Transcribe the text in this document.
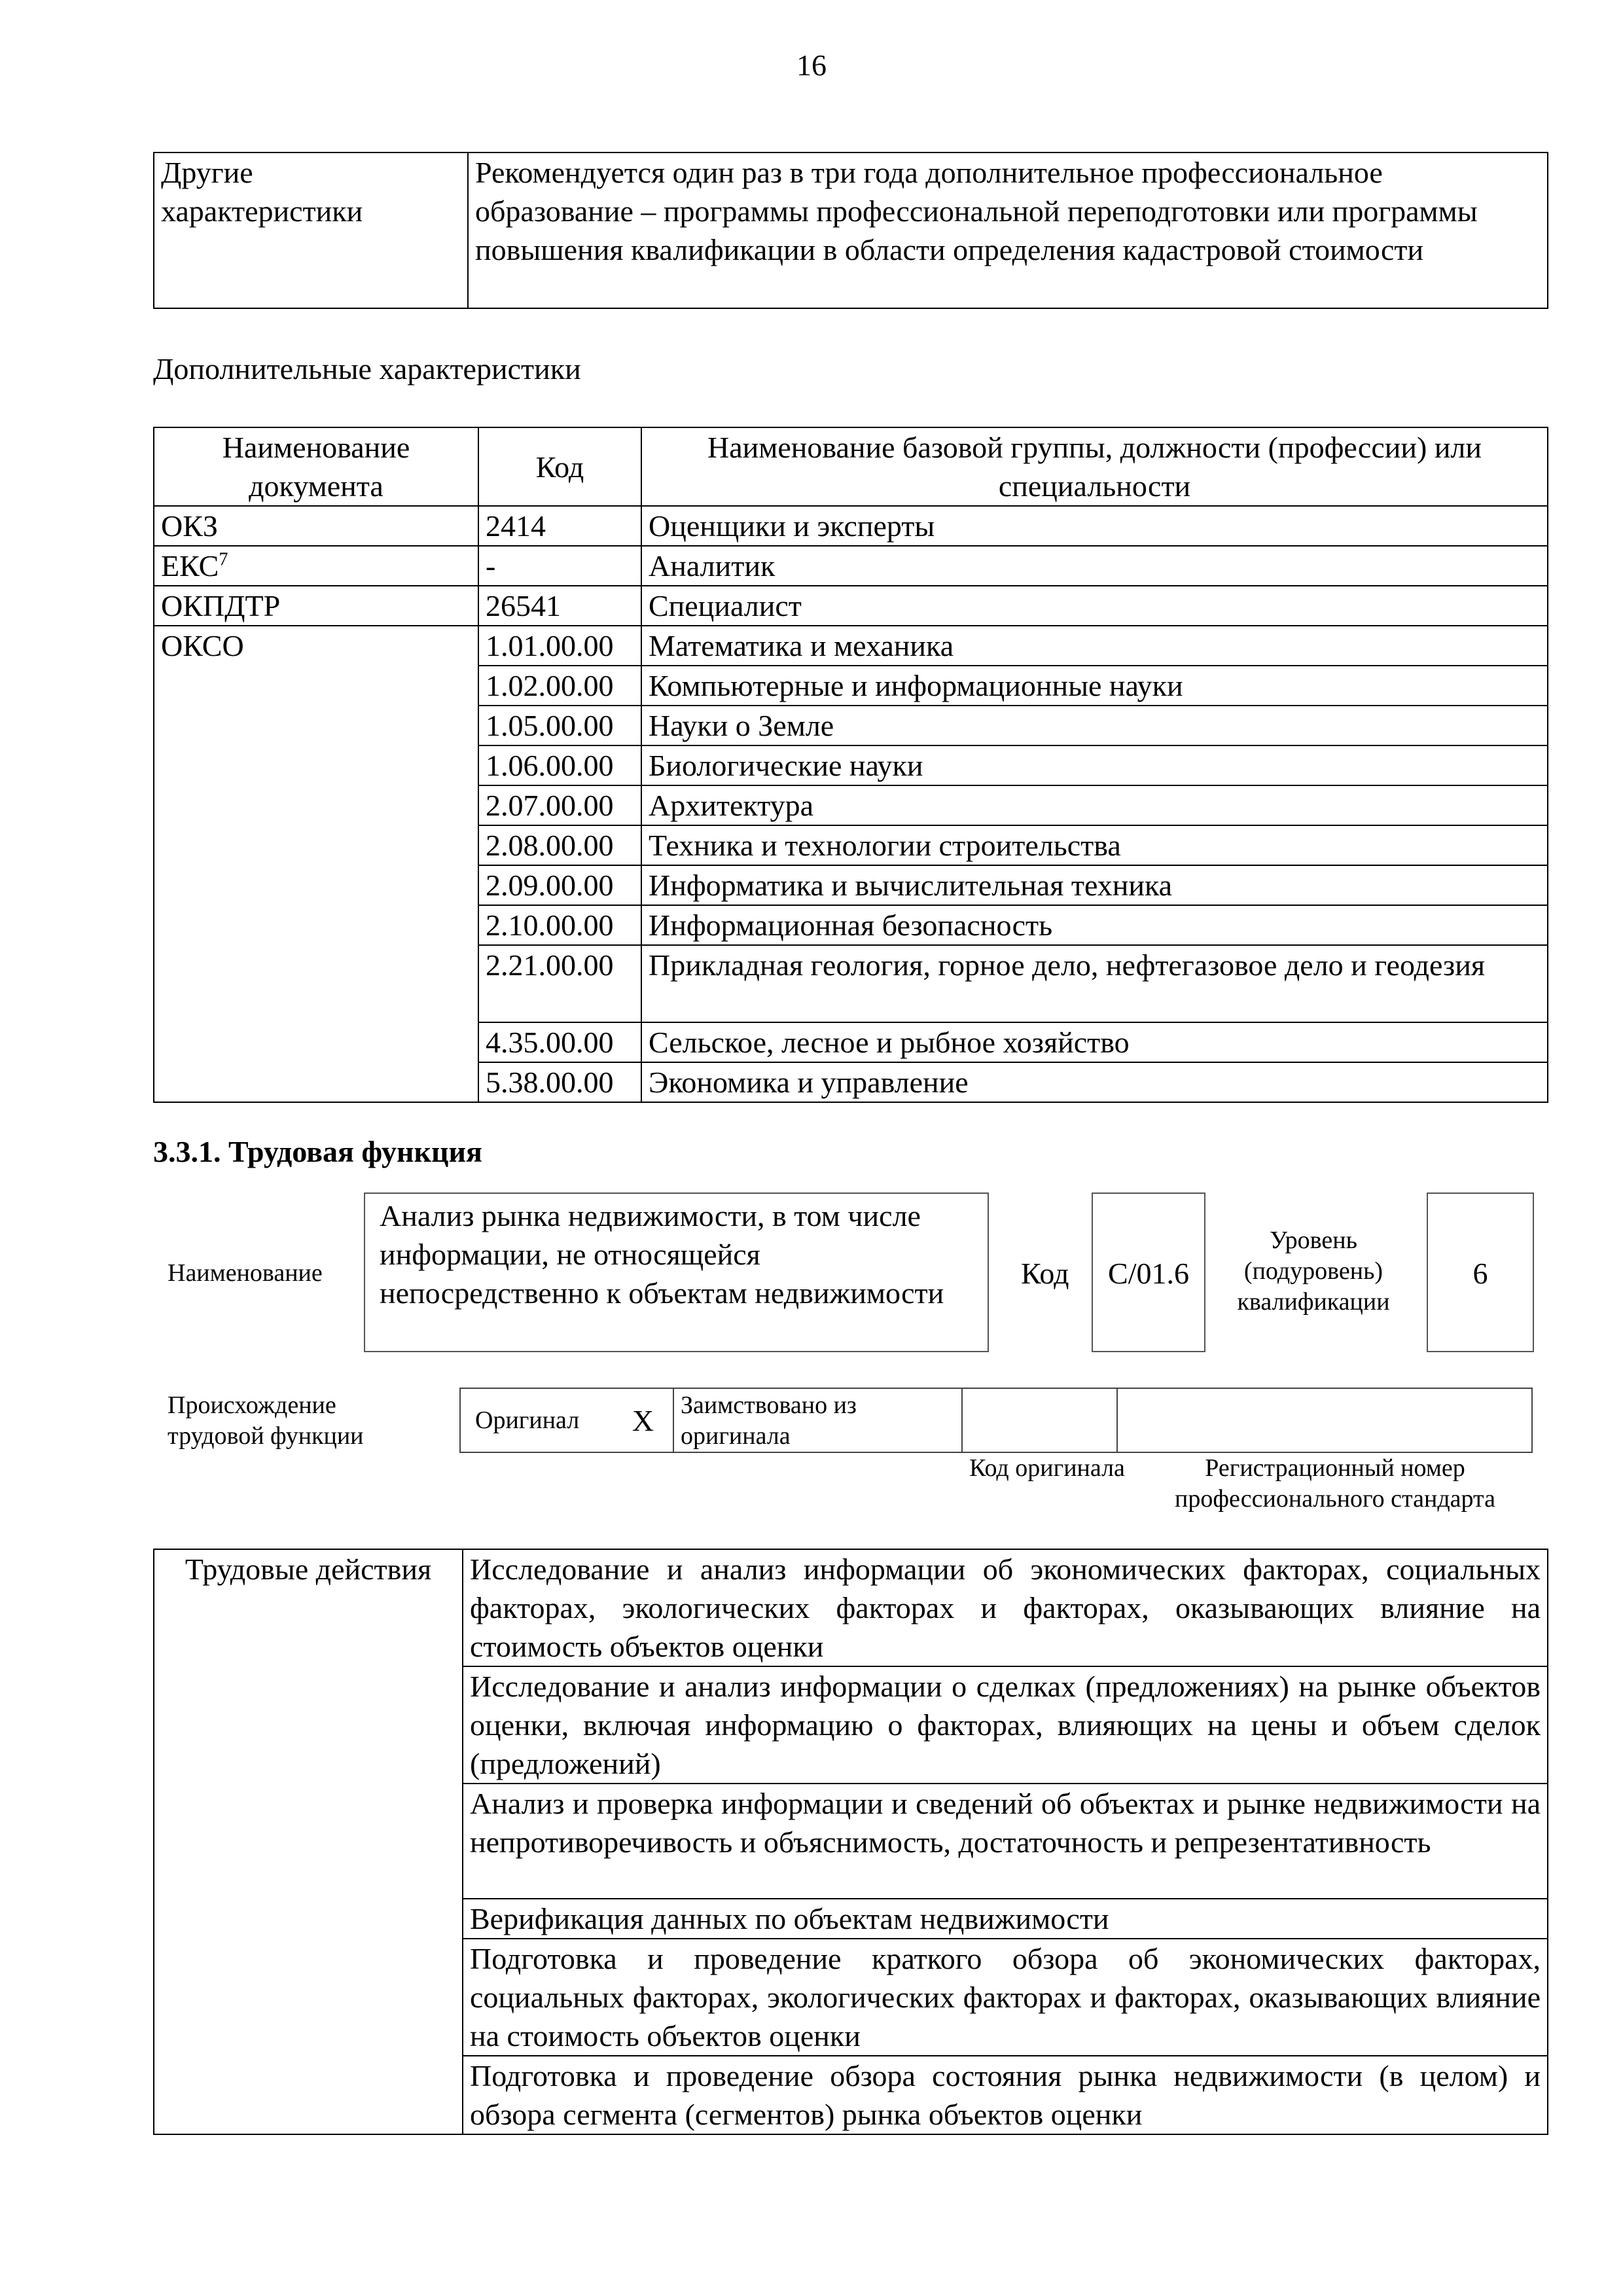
16
Другие характеристики	Рекомендуется один раз в три года дополнительное профессиональное образование – программы профессиональной переподготовки или программы повышения квалификации в области определения кадастровой стоимости
Дополнительные характеристики
Наименование документа	Код	Наименование базовой группы, должности (профессии) или специальности
ОКЗ	2414	Оценщики и эксперты
ЕКС$^7$	-	Аналитик
ОКПДТР	26541	Специалист
ОКСО	1.01.00.00	Математика и механика
	1.02.00.00	Компьютерные и информационные науки
	1.05.00.00	Науки о Земле
	1.06.00.00	Биологические науки
	2.07.00.00	Архитектура
	2.08.00.00	Техника и технологии строительства
	2.09.00.00	Информатика и вычислительная техника
	2.10.00.00	Информационная безопасность
	2.21.00.00	Прикладная геология, горное дело, нефтегазовое дело и геодезия
	4.35.00.00	Сельское, лесное и рыбное хозяйство
	5.38.00.00	Экономика и управление
3.3.1. Трудовая функция
Наименование
Анализ рынка недвижимости, в том числе информации, не относящейся непосредственно к объектам недвижимости
Код	С/01.6
Уровень (подуровень) квалификации
6
Происхождение трудовой функции
Оригинал	X	Заимствовано из оригинала		
Код оригинала	Регистрационный номер профессионального стандарта
Трудовые действия	Исследование и анализ информации об экономических факторах, социальных факторах, экологических факторах и факторах, оказывающих влияние на стоимость объектов оценки
Исследование и анализ информации о сделках (предложениях) на рынке объектов оценки, включая информацию о факторах, влияющих на цены и объем сделок (предложений)
Анализ и проверка информации и сведений об объектах и рынке недвижимости на непротиворечивость и объяснимость, достаточность и репрезентативность
Верификация данных по объектам недвижимости
Подготовка и проведение краткого обзора об экономических факторах, социальных факторах, экологических факторах и факторах, оказывающих влияние на стоимость объектов оценки
Подготовка и проведение обзора состояния рынка недвижимости (в целом) и обзора сегмента (сегментов) рынка объектов оценки
